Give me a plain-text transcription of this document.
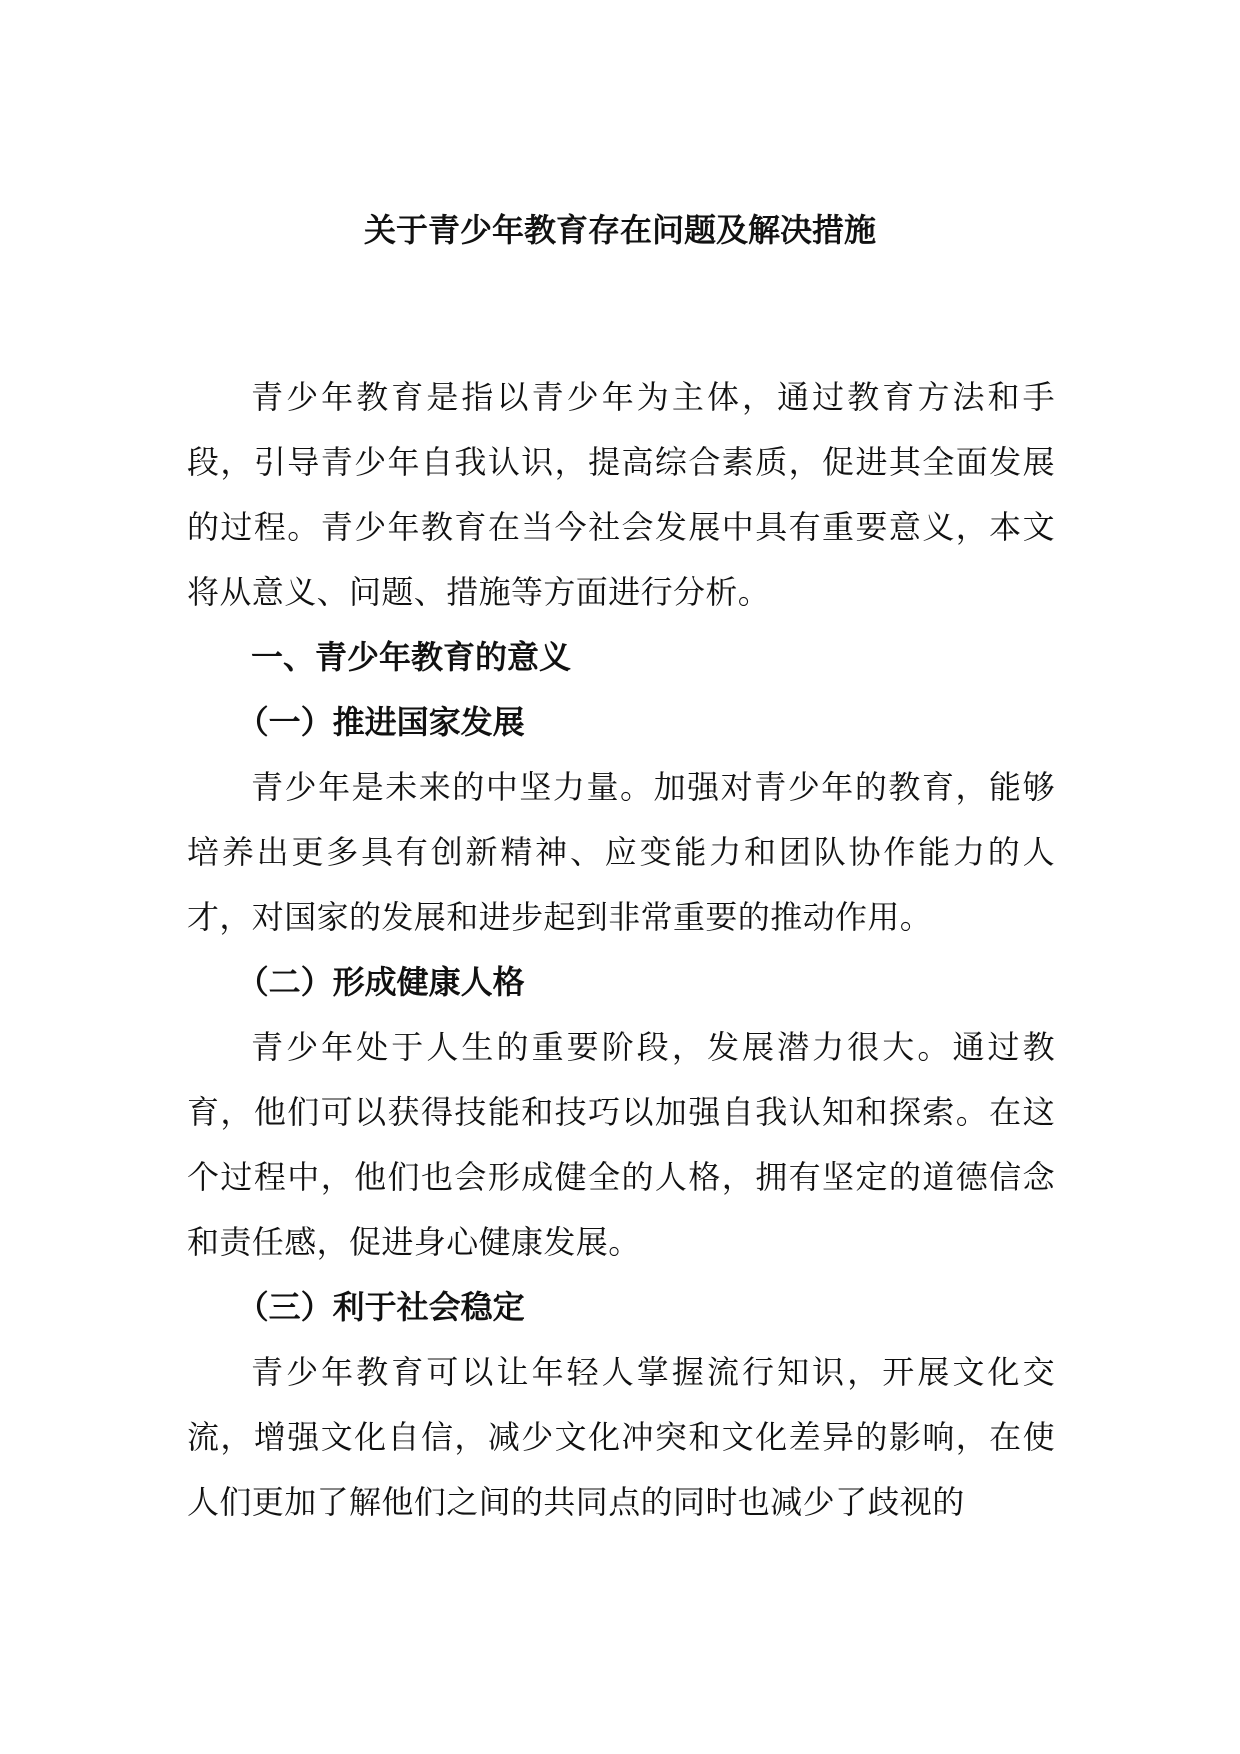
关于青少年教育存在问题及解决措施

青少年教育是指以青少年为主体，通过教育方法和手段，引导青少年自我认识，提高综合素质，促进其全面发展的过程。青少年教育在当今社会发展中具有重要意义，本文将从意义、问题、措施等方面进行分析。

一、青少年教育的意义
（一）推进国家发展

青少年是未来的中坚力量。加强对青少年的教育，能够培养出更多具有创新精神、应变能力和团队协作能力的人才，对国家的发展和进步起到非常重要的推动作用。

（二）形成健康人格

青少年处于人生的重要阶段，发展潜力很大。通过教育，他们可以获得技能和技巧以加强自我认知和探索。在这个过程中，他们也会形成健全的人格，拥有坚定的道德信念和责任感，促进身心健康发展。

（三）利于社会稳定

青少年教育可以让年轻人掌握流行知识，开展文化交流，增强文化自信，减少文化冲突和文化差异的影响，在使人们更加了解他们之间的共同点的同时也减少了歧视的
